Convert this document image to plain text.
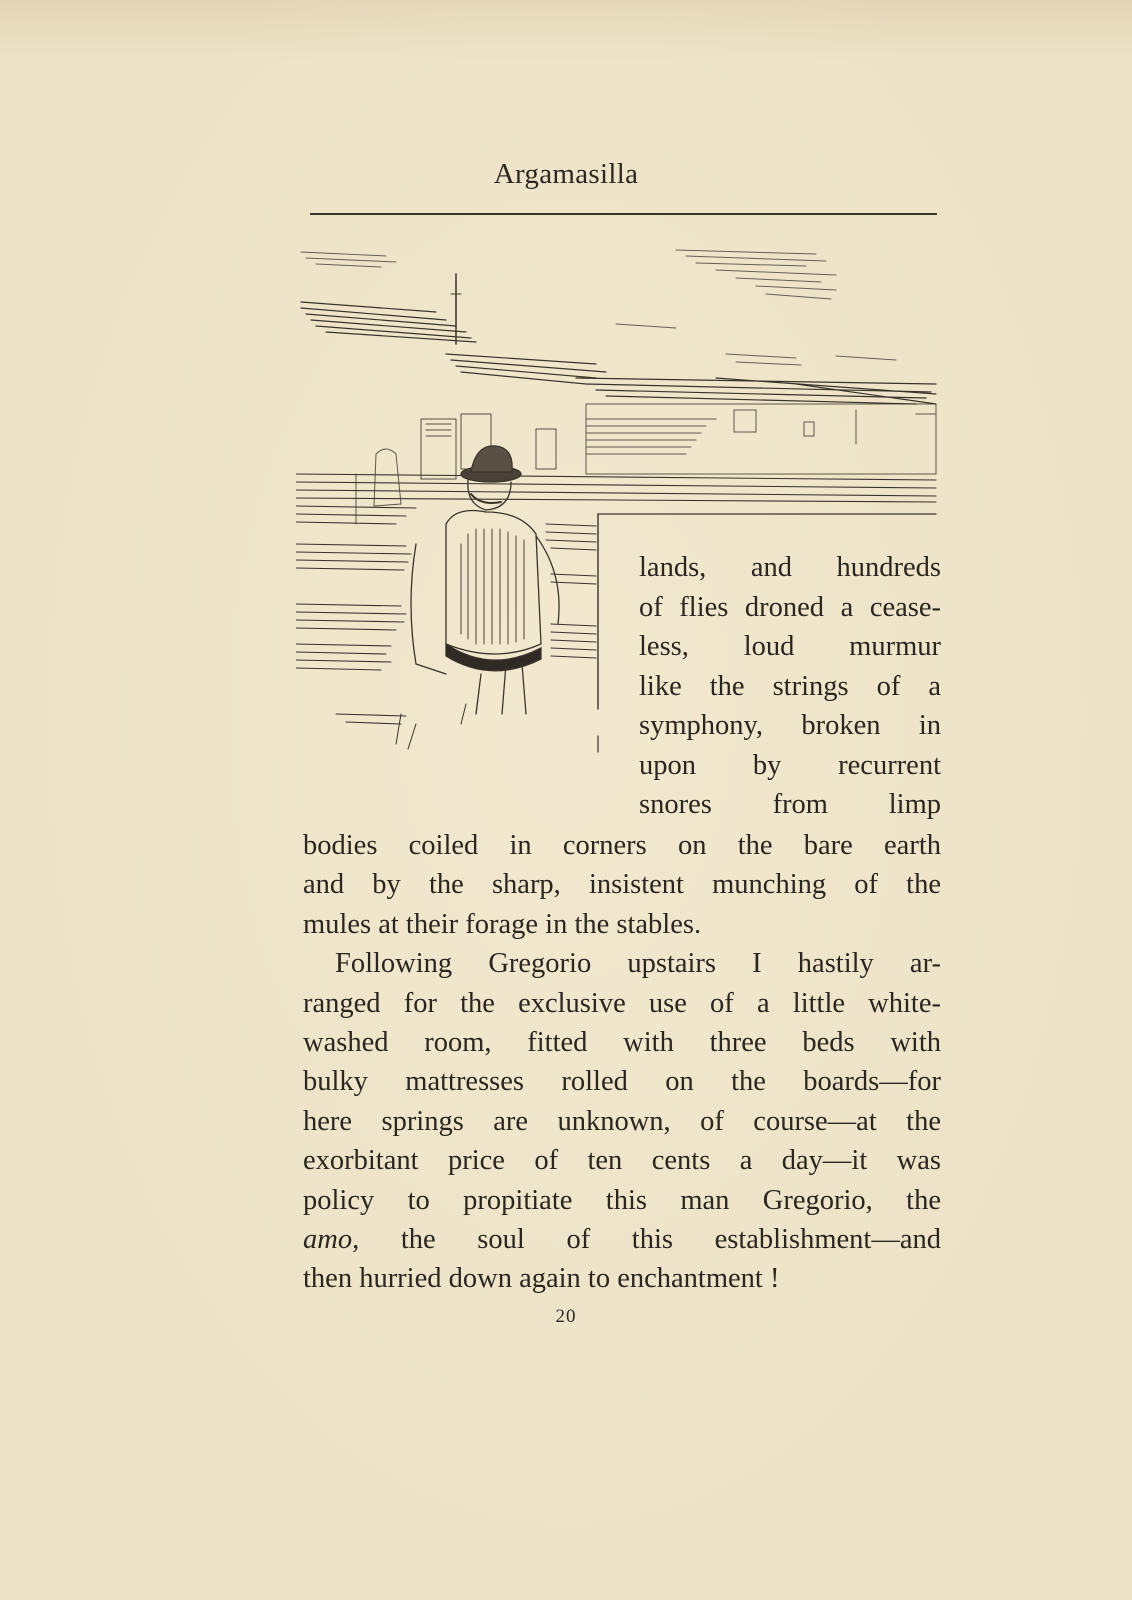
Argamasilla
lands, and hundreds
of flies droned a cease-
less, loud murmur
like the strings of a
symphony, broken in
upon by recurrent
snores from limp
bodies coiled in corners on the bare earth
and by the sharp, insistent munching of the
mules at their forage in the stables.
Following Gregorio upstairs I hastily ar-
ranged for the exclusive use of a little white-
washed room, fitted with three beds with
bulky mattresses rolled on the boards—for
here springs are unknown, of course—at the
exorbitant price of ten cents a day—it was
policy to propitiate this man Gregorio, the
amo, the soul of this establishment—and
then hurried down again to enchantment !
20
